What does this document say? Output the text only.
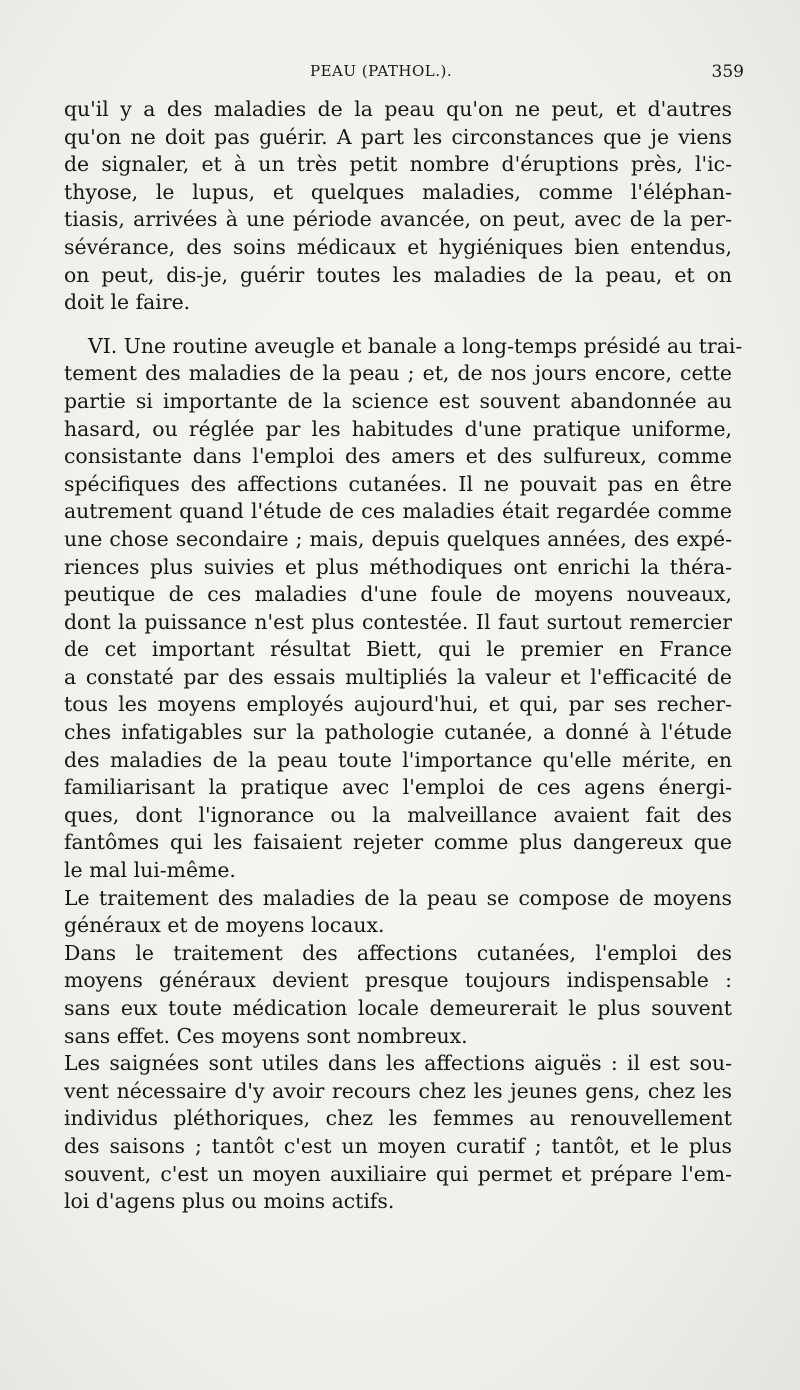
PEAU (PATHOL.).	359
qu'il y a des maladies de la peau qu'on ne peut, et d'autres
qu'on ne doit pas guérir. A part les circonstances que je viens
de signaler, et à un très petit nombre d'éruptions près, l'ic-
thyose, le lupus, et quelques maladies, comme l'éléphan-
tiasis, arrivées à une période avancée, on peut, avec de la per-
sévérance, des soins médicaux et hygiéniques bien entendus,
on peut, dis-je, guérir toutes les maladies de la peau, et on
doit le faire.
VI. Une routine aveugle et banale a long-temps présidé au trai-
tement des maladies de la peau ; et, de nos jours encore, cette
partie si importante de la science est souvent abandonnée au
hasard, ou réglée par les habitudes d'une pratique uniforme,
consistante dans l'emploi des amers et des sulfureux, comme
spécifiques des affections cutanées. Il ne pouvait pas en être
autrement quand l'étude de ces maladies était regardée comme
une chose secondaire ; mais, depuis quelques années, des expé-
riences plus suivies et plus méthodiques ont enrichi la théra-
peutique de ces maladies d'une foule de moyens nouveaux,
dont la puissance n'est plus contestée. Il faut surtout remercier
de cet important résultat Biett, qui le premier en France
a constaté par des essais multipliés la valeur et l'efficacité de
tous les moyens employés aujourd'hui, et qui, par ses recher-
ches infatigables sur la pathologie cutanée, a donné à l'étude
des maladies de la peau toute l'importance qu'elle mérite, en
familiarisant la pratique avec l'emploi de ces agens énergi-
ques, dont l'ignorance ou la malveillance avaient fait des
fantômes qui les faisaient rejeter comme plus dangereux que
le mal lui-même.
Le traitement des maladies de la peau se compose de moyens
généraux et de moyens locaux.
Dans le traitement des affections cutanées, l'emploi des
moyens généraux devient presque toujours indispensable :
sans eux toute médication locale demeurerait le plus souvent
sans effet. Ces moyens sont nombreux.
Les saignées sont utiles dans les affections aiguës : il est sou-
vent nécessaire d'y avoir recours chez les jeunes gens, chez les
individus pléthoriques, chez les femmes au renouvellement
des saisons ; tantôt c'est un moyen curatif ; tantôt, et le plus
souvent, c'est un moyen auxiliaire qui permet et prépare l'em-
loi d'agens plus ou moins actifs.
